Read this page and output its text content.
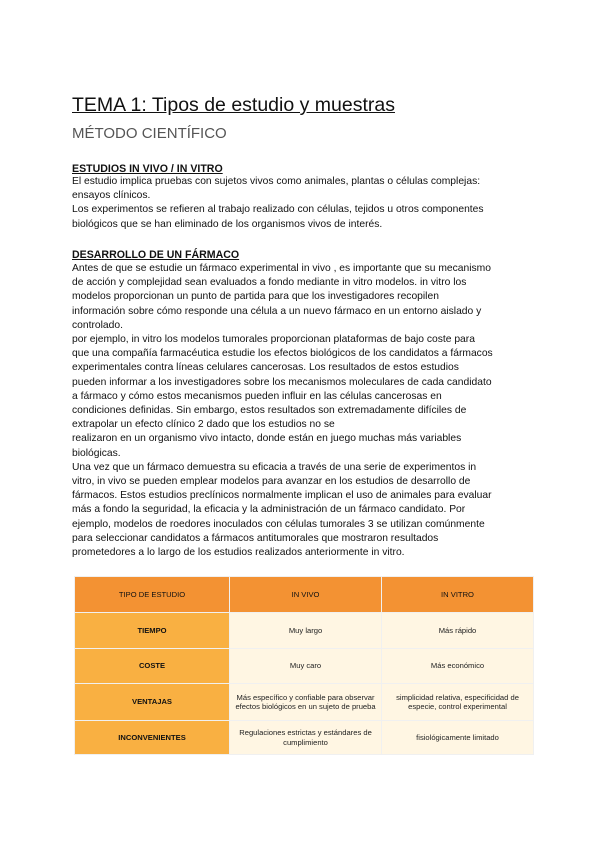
TEMA 1: Tipos de estudio y muestras
MÉTODO CIENTÍFICO
ESTUDIOS IN VIVO / IN VITRO
El estudio implica pruebas con sujetos vivos como animales, plantas o células complejas:
ensayos clínicos.
Los experimentos se refieren al trabajo realizado con células, tejidos u otros componentes
biológicos que se han eliminado de los organismos vivos de interés.
DESARROLLO DE UN FÁRMACO
Antes de que se estudie un fármaco experimental in vivo , es importante que su mecanismo
de acción y complejidad sean evaluados a fondo mediante in vitro modelos. in vitro los
modelos proporcionan un punto de partida para que los investigadores recopilen
información sobre cómo responde una célula a un nuevo fármaco en un entorno aislado y
controlado.
por ejemplo, in vitro los modelos tumorales proporcionan plataformas de bajo coste para
que una compañía farmacéutica estudie los efectos biológicos de los candidatos a fármacos
experimentales contra líneas celulares cancerosas. Los resultados de estos estudios
pueden informar a los investigadores sobre los mecanismos moleculares de cada candidato
a fármaco y cómo estos mecanismos pueden influir en las células cancerosas en
condiciones definidas. Sin embargo, estos resultados son extremadamente difíciles de
extrapolar un efecto clínico 2 dado que los estudios no se
realizaron en un organismo vivo intacto, donde están en juego muchas más variables
biológicas.
Una vez que un fármaco demuestra su eficacia a través de una serie de experimentos in
vitro, in vivo se pueden emplear modelos para avanzar en los estudios de desarrollo de
fármacos. Estos estudios preclínicos normalmente implican el uso de animales para evaluar
más a fondo la seguridad, la eficacia y la administración de un fármaco candidato. Por
ejemplo, modelos de roedores inoculados con células tumorales 3 se utilizan comúnmente
para seleccionar candidatos a fármacos antitumorales que mostraron resultados
prometedores a lo largo de los estudios realizados anteriormente in vitro.
TIPO DE ESTUDIO	IN VIVO	IN VITRO
TIEMPO	Muy largo	Más rápido
COSTE	Muy caro	Más económico
VENTAJAS	Más específico y confiable para observar
efectos biológicos en un sujeto de prueba	simplicidad relativa, especificidad de
especie, control experimental
INCONVENIENTES	Regulaciones estrictas y estándares de
cumplimiento	fisiológicamente limitado
